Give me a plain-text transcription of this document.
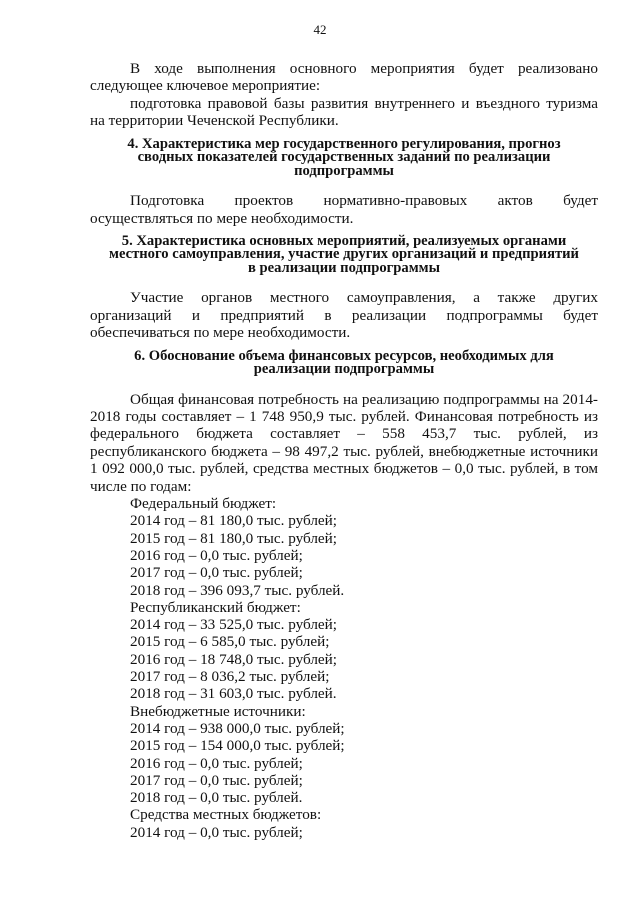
42

В ходе выполнения основного мероприятия будет реализовано следующее ключевое мероприятие:

подготовка правовой базы развития внутреннего и въездного туризма на территории Чеченской Республики.

4. Характеристика мер государственного регулирования, прогноз
сводных показателей государственных заданий по реализации
подпрограммы

Подготовка проектов нормативно-правовых актов будет осуществляться по мере необходимости.

5. Характеристика основных мероприятий, реализуемых органами
местного самоуправления, участие других организаций и предприятий
в реализации подпрограммы

Участие органов местного самоуправления, а также других организаций и предприятий в реализации подпрограммы будет обеспечиваться по мере необходимости.

6. Обоснование объема финансовых ресурсов, необходимых для
реализации подпрограммы

Общая финансовая потребность на реализацию подпрограммы на 2014-2018 годы составляет – 1 748 950,9 тыс. рублей. Финансовая потребность из федерального бюджета составляет – 558 453,7 тыс. рублей, из республиканского бюджета – 98 497,2 тыс. рублей, внебюджетные источники 1 092 000,0 тыс. рублей, средства местных бюджетов – 0,0 тыс. рублей, в том числе по годам:

Федеральный бюджет:
2014 год – 81 180,0 тыс. рублей;
2015 год – 81 180,0 тыс. рублей;
2016 год – 0,0 тыс. рублей;
2017 год – 0,0 тыс. рублей;
2018 год – 396 093,7 тыс. рублей.
Республиканский бюджет:
2014 год – 33 525,0 тыс. рублей;
2015 год – 6 585,0 тыс. рублей;
2016 год – 18 748,0 тыс. рублей;
2017 год – 8 036,2 тыс. рублей;
2018 год – 31 603,0 тыс. рублей.
Внебюджетные источники:
2014 год – 938 000,0 тыс. рублей;
2015 год – 154 000,0 тыс. рублей;
2016 год – 0,0 тыс. рублей;
2017 год – 0,0 тыс. рублей;
2018 год – 0,0 тыс. рублей.
Средства местных бюджетов:
2014 год – 0,0 тыс. рублей;
